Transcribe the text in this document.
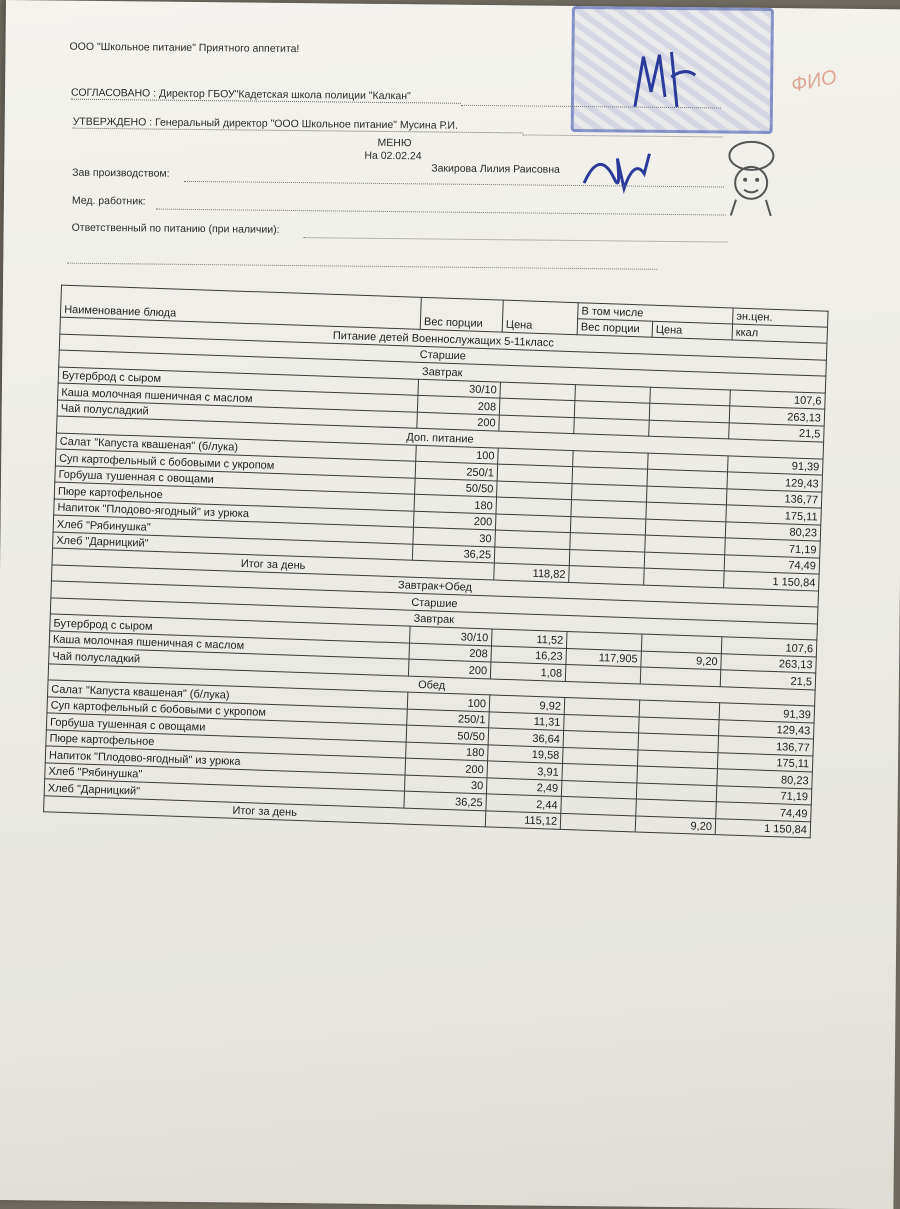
ФИО
ООО "Школьное питание" Приятного аппетита!
СОГЛАСОВАНО : Директор ГБОУ"Кадетская школа полиции "Калкан"
УТВЕРЖДЕНО : Генеральный директор "ООО Школьное питание" Мусина Р.И.
МЕНЮ
На 02.02.24
Закирова Лилия Раисовна
Зав производством:
Мед. работник:
Ответственный по питанию (при наличии):
Наименование блюда	Вес порции	Цена	В том числе		эн.цен.
			Вес порции	Цена	ккал
Питание детей Военнослужащих 5-11класс					
Старшие					
Завтрак					
Бутерброд с сыром	30/10				107,6
Каша молочная пшеничная с маслом	208				263,13
Чай полусладкий	200				21,5
Доп. питание					
Салат "Капуста квашеная" (б/лука)	100				91,39
Суп картофельный с бобовыми с укропом	250/1				129,43
Горбуша тушенная с овощами	50/50				136,77
Пюре картофельное	180				175,11
Напиток "Плодово-ягодный" из урюка	200				80,23
Хлеб "Рябинушка"	30				71,19
Хлеб "Дарницкий"	36,25				74,49
Итог за день		118,82			1 150,84
Завтрак+Обед					
Старшие					
Завтрак					
Бутерброд с сыром	30/10	11,52			107,6
Каша молочная пшеничная с маслом	208	16,23	117,905	9,20	263,13
Чай полусладкий	200	1,08			21,5
Обед					
Салат "Капуста квашеная" (б/лука)	100	9,92			91,39
Суп картофельный с бобовыми с укропом	250/1	11,31			129,43
Горбуша тушенная с овощами	50/50	36,64			136,77
Пюре картофельное	180	19,58			175,11
Напиток "Плодово-ягодный" из урюка	200	3,91			80,23
Хлеб "Рябинушка"	30	2,49			71,19
Хлеб "Дарницкий"	36,25	2,44			74,49
Итог за день		115,12		9,20	1 150,84
